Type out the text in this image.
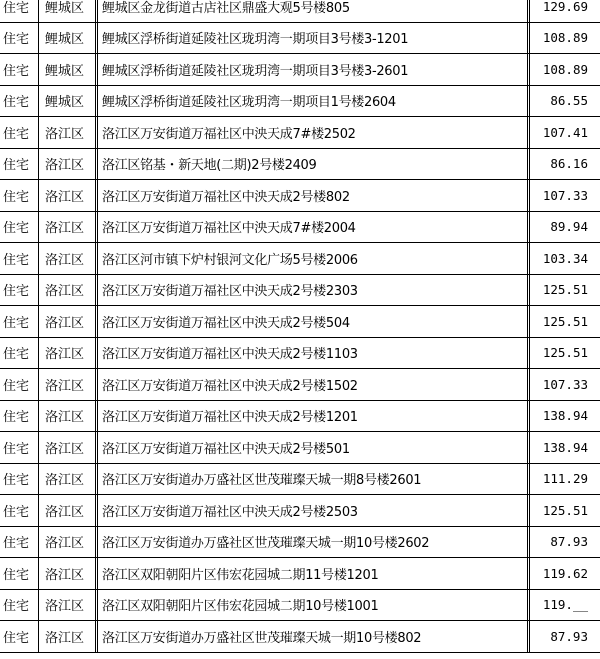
住宅	鲤城区	鲤城区金龙街道古店社区鼎盛大观5号楼805	129.69
住宅	鲤城区	鲤城区浮桥街道延陵社区珑玥湾一期项目3号楼3-1201	108.89
住宅	鲤城区	鲤城区浮桥街道延陵社区珑玥湾一期项目3号楼3-2601	108.89
住宅	鲤城区	鲤城区浮桥街道延陵社区珑玥湾一期项目1号楼2604	86.55
住宅	洛江区	洛江区万安街道万福社区中泱天成7#楼2502	107.41
住宅	洛江区	洛江区铭基・新天地(二期)2号楼2409	86.16
住宅	洛江区	洛江区万安街道万福社区中泱天成2号楼802	107.33
住宅	洛江区	洛江区万安街道万福社区中泱天成7#楼2004	89.94
住宅	洛江区	洛江区河市镇下炉村银河文化广场5号楼2006	103.34
住宅	洛江区	洛江区万安街道万福社区中泱天成2号楼2303	125.51
住宅	洛江区	洛江区万安街道万福社区中泱天成2号楼504	125.51
住宅	洛江区	洛江区万安街道万福社区中泱天成2号楼1103	125.51
住宅	洛江区	洛江区万安街道万福社区中泱天成2号楼1502	107.33
住宅	洛江区	洛江区万安街道万福社区中泱天成2号楼1201	138.94
住宅	洛江区	洛江区万安街道万福社区中泱天成2号楼501	138.94
住宅	洛江区	洛江区万安街道办万盛社区世茂璀璨天城一期8号楼2601	111.29
住宅	洛江区	洛江区万安街道万福社区中泱天成2号楼2503	125.51
住宅	洛江区	洛江区万安街道办万盛社区世茂璀璨天城一期10号楼2602	87.93
住宅	洛江区	洛江区双阳朝阳片区伟宏花园城二期11号楼1201	119.62
住宅	洛江区	洛江区双阳朝阳片区伟宏花园城二期10号楼1001	119.__
住宅	洛江区	洛江区万安街道办万盛社区世茂璀璨天城一期10号楼802	87.93
